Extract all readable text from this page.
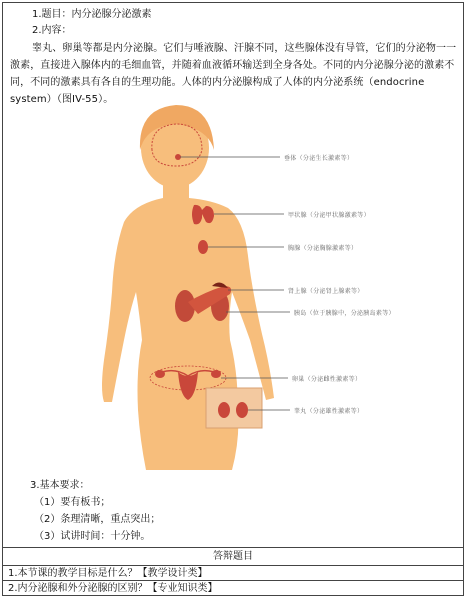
1.题目：内分泌腺分泌激素
2.内容：
睾丸、卵巢等都是内分泌腺。它们与唾液腺、汗腺不同，这些腺体没有导管，它们的分泌物一一激素，直接进入腺体内的毛细血管，并随着血液循环输送到全身各处。不同的内分泌腺分泌的激素不同，不同的激素具有各自的生理功能。人体的内分泌腺构成了人体的内分泌系统（endocrine system）（图IV-55）。
垂体（分泌生长激素等）
甲状腺（分泌甲状腺激素等）
胸腺（分泌胸腺激素等）
肾上腺（分泌肾上腺素等）
胰岛（位于胰腺中，分泌胰岛素等）
卵巢（分泌雌性激素等）
睾丸（分泌雄性激素等）
3.基本要求：
（1）要有板书；
（2）条理清晰，重点突出；
（3）试讲时间：十分钟。
答辩题目
1.本节课的教学目标是什么？【教学设计类】
2.内分泌腺和外分泌腺的区别？【专业知识类】
